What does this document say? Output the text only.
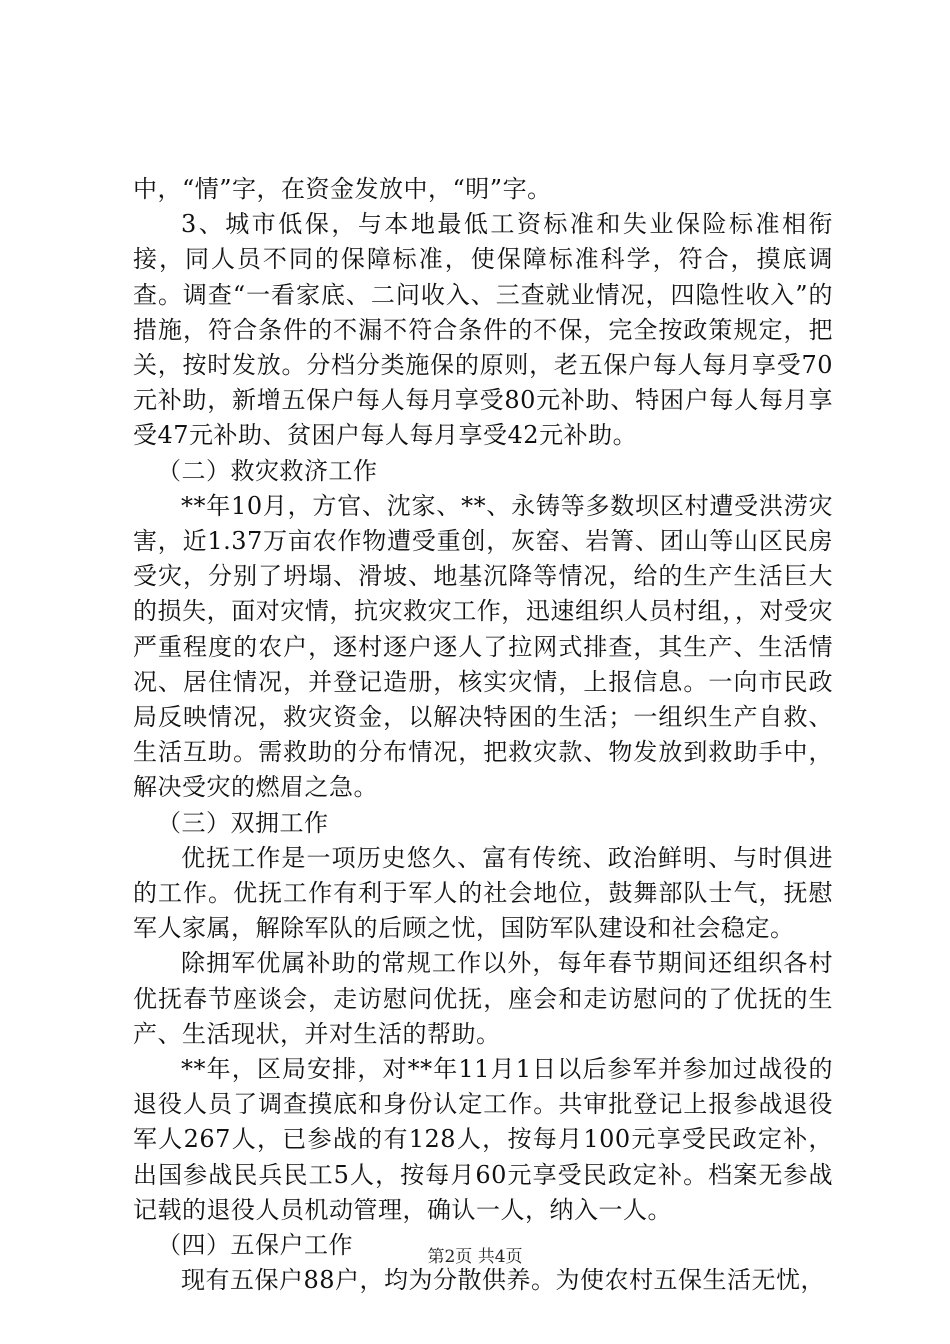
中，“情”字，在资金发放中，“明”字。

3、城市低保，与本地最低工资标准和失业保险标准相衔接，同人员不同的保障标准，使保障标准科学，符合，摸底调查。调查“一看家底、二问收入、三查就业情况，四隐性收入”的措施，符合条件的不漏不符合条件的不保，完全按政策规定，把关，按时发放。分档分类施保的原则，老五保户每人每月享受70元补助，新增五保户每人每月享受80元补助、特困户每人每月享受47元补助、贫困户每人每月享受42元补助。

（二）救灾救济工作

**年10月，方官、沈家、**、永铸等多数坝区村遭受洪涝灾害，近1.37万亩农作物遭受重创，灰窑、岩箐、团山等山区民房受灾，分别了坍塌、滑坡、地基沉降等情况，给的生产生活巨大的损失，面对灾情，抗灾救灾工作，迅速组织人员村组，，对受灾严重程度的农户，逐村逐户逐人了拉网式排查，其生产、生活情况、居住情况，并登记造册，核实灾情，上报信息。一向市民政局反映情况，救灾资金，以解决特困的生活；一组织生产自救、生活互助。需救助的分布情况，把救灾款、物发放到救助手中，解决受灾的燃眉之急。

（三）双拥工作

优抚工作是一项历史悠久、富有传统、政治鲜明、与时俱进的工作。优抚工作有利于军人的社会地位，鼓舞部队士气，抚慰军人家属，解除军队的后顾之忧，国防军队建设和社会稳定。

除拥军优属补助的常规工作以外，每年春节期间还组织各村优抚春节座谈会，走访慰问优抚，座会和走访慰问的了优抚的生产、生活现状，并对生活的帮助。

**年，区局安排，对**年11月1日以后参军并参加过战役的退役人员了调查摸底和身份认定工作。共审批登记上报参战退役军人267人，已参战的有128人，按每月100元享受民政定补，出国参战民兵民工5人，按每月60元享受民政定补。档案无参战记载的退役人员机动管理，确认一人，纳入一人。

（四）五保户工作

现有五保户88户，均为分散供养。为使农村五保生活无忧，

第2页 共4页
